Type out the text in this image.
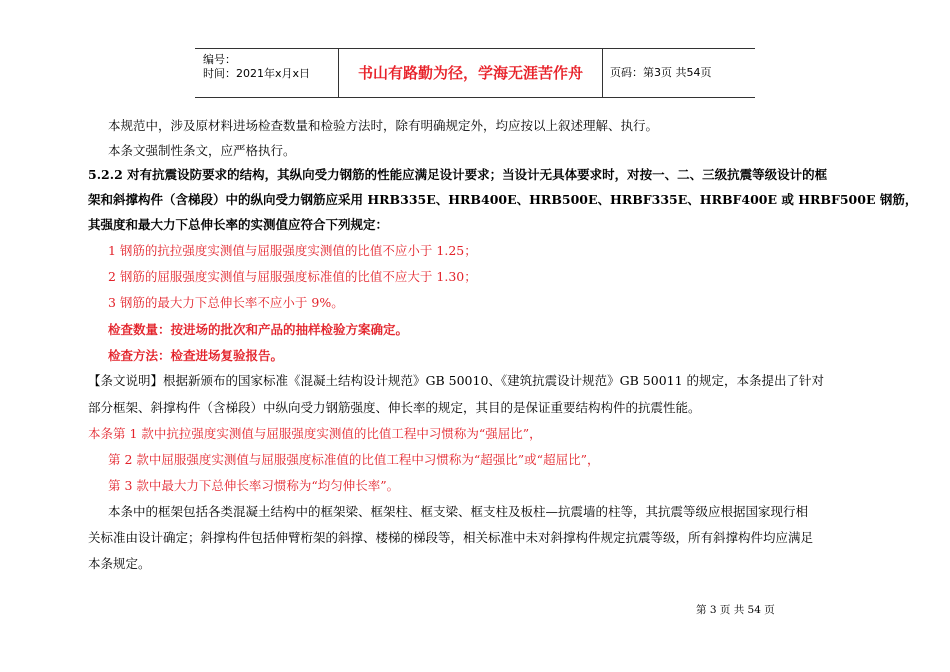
编号：
时间：2021年x月x日	书山有路勤为径，学海无涯苦作舟	页码：第3页 共54页
本规范中，涉及原材料进场检查数量和检验方法时，除有明确规定外，均应按以上叙述理解、执行。
本条文强制性条文，应严格执行。
5.2.2 对有抗震设防要求的结构，其纵向受力钢筋的性能应满足设计要求；当设计无具体要求时，对按一、二、三级抗震等级设计的框
架和斜撑构件（含梯段）中的纵向受力钢筋应采用 HRB335E、HRB400E、HRB500E、HRBF335E、HRBF400E 或 HRBF500E 钢筋，
其强度和最大力下总伸长率的实测值应符合下列规定：
1 钢筋的抗拉强度实测值与屈服强度实测值的比值不应小于 1.25；
2 钢筋的屈服强度实测值与屈服强度标准值的比值不应大于 1.30；
3 钢筋的最大力下总伸长率不应小于 9%。
检查数量：按进场的批次和产品的抽样检验方案确定。
检查方法：检查进场复验报告。
【条文说明】根据新颁布的国家标准《混凝土结构设计规范》GB 50010、《建筑抗震设计规范》GB 50011 的规定，本条提出了针对
部分框架、斜撑构件（含梯段）中纵向受力钢筋强度、伸长率的规定，其目的是保证重要结构构件的抗震性能。
本条第 1 款中抗拉强度实测值与屈服强度实测值的比值工程中习惯称为“强屈比”，
第 2 款中屈服强度实测值与屈服强度标准值的比值工程中习惯称为“超强比”或“超屈比”，
第 3 款中最大力下总伸长率习惯称为“均匀伸长率”。
本条中的框架包括各类混凝土结构中的框架梁、框架柱、框支梁、框支柱及板柱—抗震墙的柱等，其抗震等级应根据国家现行相
关标准由设计确定；斜撑构件包括伸臂桁架的斜撑、楼梯的梯段等，相关标准中未对斜撑构件规定抗震等级，所有斜撑构件均应满足
本条规定。
第 3 页 共 54 页
